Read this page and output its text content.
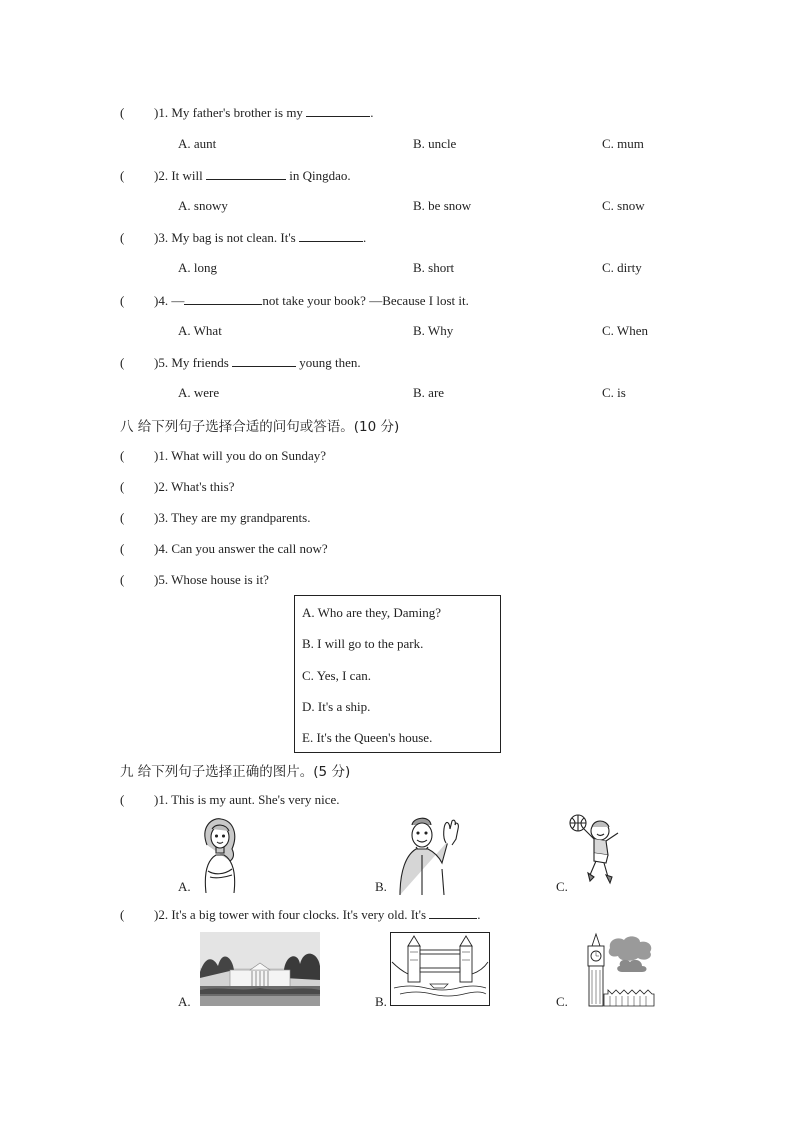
( )1. My father's brother is my	.
A. aunt	B. uncle	C. mum
( )2. It will	in Qingdao.
A. snowy	B. be snow	C. snow
( )3. My bag is not clean. It's	.
A. long	B. short	C. dirty
( )4. —	not take your book? —Because I lost it.
A. What	B. Why	C. When
( )5. My friends	young then.
A. were	B. are	C. is
八 给下列句子选择合适的问句或答语。(10 分)
( )1. What will you do on Sunday?
( )2. What's this?
( )3. They are my grandparents.
( )4. Can you answer the call now?
( )5. Whose house is it?
A. Who are they, Daming?
B. I will go to the park.
C. Yes, I can.
D. It's a ship.
E. It's the Queen's house.
九 给下列句子选择正确的图片。(5 分)
( )1. This is my aunt. She's very nice.
A.	B.	C.
( )2. It's a big tower with four clocks. It's very old. It's	.
A.	B.	C.
